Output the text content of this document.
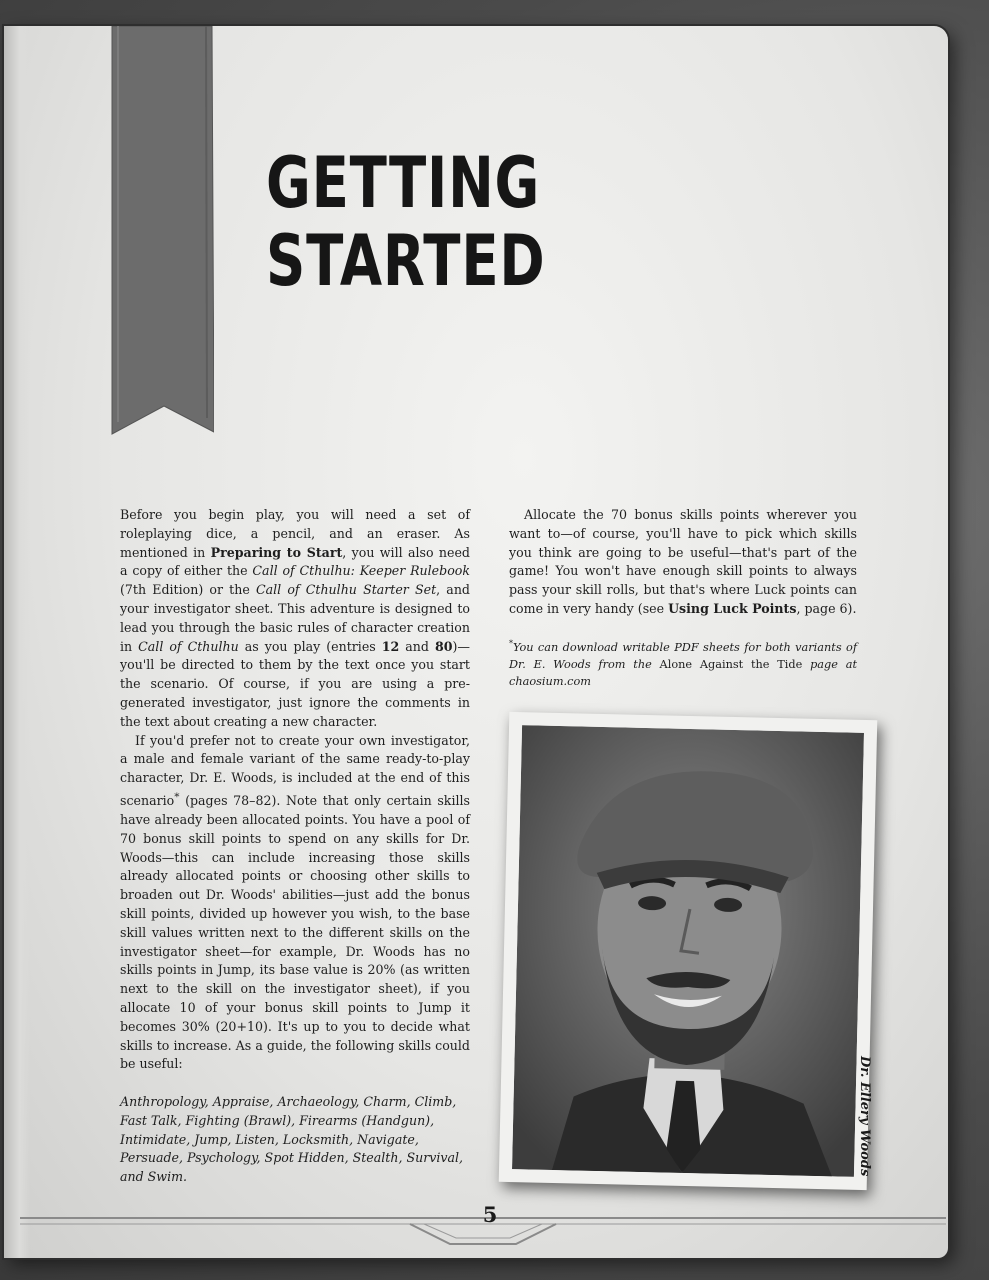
GETTING
STARTED

Before you begin play, you will need a set of roleplaying dice, a pencil, and an eraser. As mentioned in Preparing to Start, you will also need a copy of either the Call of Cthulhu: Keeper Rulebook (7th Edition) or the Call of Cthulhu Starter Set, and your investigator sheet. This adventure is designed to lead you through the basic rules of character creation in Call of Cthulhu as you play (entries 12 and 80)—you'll be directed to them by the text once you start the scenario. Of course, if you are using a pre-generated investigator, just ignore the comments in the text about creating a new character.

If you'd prefer not to create your own investigator, a male and female variant of the same ready-to-play character, Dr. E. Woods, is included at the end of this scenario* (pages 78–82). Note that only certain skills have already been allocated points. You have a pool of 70 bonus skill points to spend on any skills for Dr. Woods—this can include increasing those skills already allocated points or choosing other skills to broaden out Dr. Woods' abilities—just add the bonus skill points, divided up however you wish, to the base skill values written next to the different skills on the investigator sheet—for example, Dr. Woods has no skills points in Jump, its base value is 20% (as written next to the skill on the investigator sheet), if you allocate 10 of your bonus skill points to Jump it becomes 30% (20+10). It's up to you to decide what skills to increase. As a guide, the following skills could be useful:

Anthropology, Appraise, Archaeology, Charm, Climb, Fast Talk, Fighting (Brawl), Firearms (Handgun), Intimidate, Jump, Listen, Locksmith, Navigate, Persuade, Psychology, Spot Hidden, Stealth, Survival, and Swim.

Allocate the 70 bonus skills points wherever you want to—of course, you'll have to pick which skills you think are going to be useful—that's part of the game! You won't have enough skill points to always pass your skill rolls, but that's where Luck points can come in very handy (see Using Luck Points, page 6).

*You can download writable PDF sheets for both variants of Dr. E. Woods from the Alone Against the Tide page at chaosium.com

Dr. Ellery Woods
5
